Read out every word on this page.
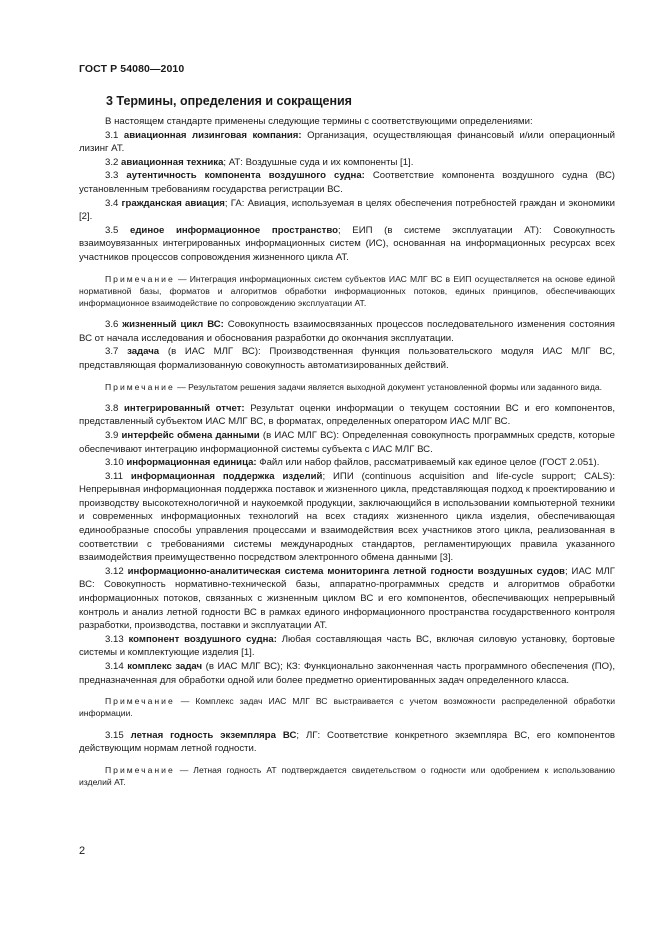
ГОСТ Р 54080—2010
3 Термины, определения и сокращения

В настоящем стандарте применены следующие термины с соответствующими определениями:

3.1 авиационная лизинговая компания: Организация, осуществляющая финансовый и/или операционный лизинг АТ.

3.2 авиационная техника; АТ: Воздушные суда и их компоненты [1].

3.3 аутентичность компонента воздушного судна: Соответствие компонента воздушного судна (ВС) установленным требованиям государства регистрации ВС.

3.4 гражданская авиация; ГА: Авиация, используемая в целях обеспечения потребностей граждан и экономики [2].

3.5 единое информационное пространство; ЕИП (в системе эксплуатации АТ): Совокупность взаимоувязанных интегрированных информационных систем (ИС), основанная на информационных ресурсах всех участников процессов сопровождения жизненного цикла АТ.

Примечание — Интеграция информационных систем субъектов ИАС МЛГ ВС в ЕИП осуществляется на основе единой нормативной базы, форматов и алгоритмов обработки информационных потоков, единых принципов, обеспечивающих информационное взаимодействие по сопровождению эксплуатации АТ.

3.6 жизненный цикл ВС: Совокупность взаимосвязанных процессов последовательного изменения состояния ВС от начала исследования и обоснования разработки до окончания эксплуатации.

3.7 задача (в ИАС МЛГ ВС): Производственная функция пользовательского модуля ИАС МЛГ ВС, представляющая формализованную совокупность автоматизированных действий.

Примечание — Результатом решения задачи является выходной документ установленной формы или заданного вида.

3.8 интегрированный отчет: Результат оценки информации о текущем состоянии ВС и его компонентов, представленный субъектом ИАС МЛГ ВС, в форматах, определенных оператором ИАС МЛГ ВС.

3.9 интерфейс обмена данными (в ИАС МЛГ ВС): Определенная совокупность программных средств, которые обеспечивают интеграцию информационной системы субъекта с ИАС МЛГ ВС.

3.10 информационная единица: Файл или набор файлов, рассматриваемый как единое целое (ГОСТ 2.051).

3.11 информационная поддержка изделий; ИПИ (continuous acquisition and life-cycle support; CALS): Непрерывная информационная поддержка поставок и жизненного цикла, представляющая подход к проектированию и производству высокотехнологичной и наукоемкой продукции, заключающийся в использовании компьютерной техники и современных информационных технологий на всех стадиях жизненного цикла изделия, обеспечивающая единообразные способы управления процессами и взаимодействия всех участников этого цикла, реализованная в соответствии с требованиями системы международных стандартов, регламентирующих правила указанного взаимодействия преимущественно посредством электронного обмена данными [3].

3.12 информационно-аналитическая система мониторинга летной годности воздушных судов; ИАС МЛГ ВС: Совокупность нормативно-технической базы, аппаратно-программных средств и алгоритмов обработки информационных потоков, связанных с жизненным циклом ВС и его компонентов, обеспечивающих непрерывный контроль и анализ летной годности ВС в рамках единого информационного пространства государственного контроля разработки, производства, поставки и эксплуатации АТ.

3.13 компонент воздушного судна: Любая составляющая часть ВС, включая силовую установку, бортовые системы и комплектующие изделия [1].

3.14 комплекс задач (в ИАС МЛГ ВС); КЗ: Функционально законченная часть программного обеспечения (ПО), предназначенная для обработки одной или более предметно ориентированных задач определенного класса.

Примечание — Комплекс задач ИАС МЛГ ВС выстраивается с учетом возможности распределенной обработки информации.

3.15 летная годность экземпляра ВС; ЛГ: Соответствие конкретного экземпляра ВС, его компонентов действующим нормам летной годности.

Примечание — Летная годность АТ подтверждается свидетельством о годности или одобрением к использованию изделий АТ.

2
